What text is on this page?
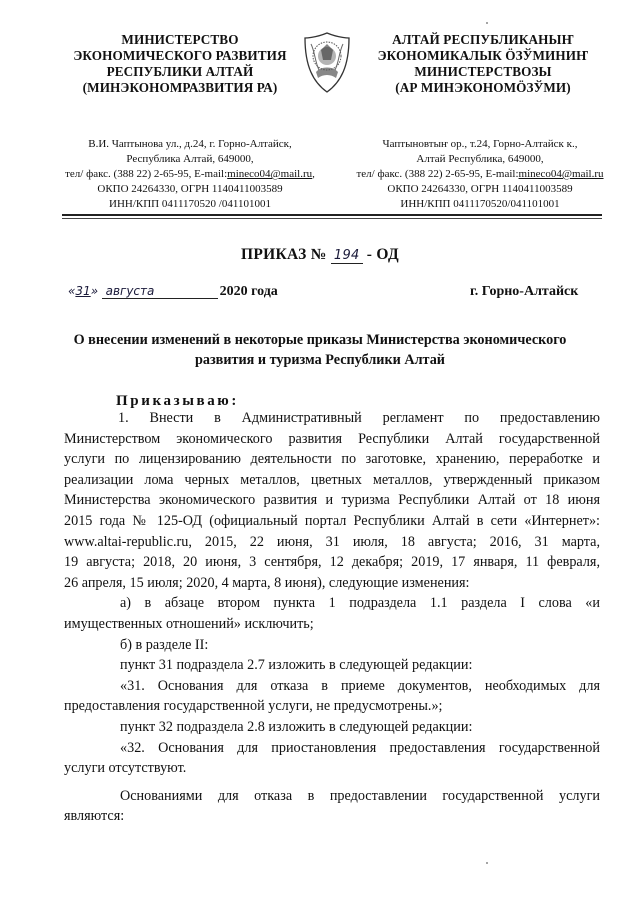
МИНИСТЕРСТВО
ЭКОНОМИЧЕСКОГО РАЗВИТИЯ
РЕСПУБЛИКИ АЛТАЙ
(МИНЭКОНОМРАЗВИТИЯ РА)
АЛТАЙ РЕСПУБЛИКАНЫҤ
ЭКОНОМИКАЛЫК ÖЗЎМИНИҤ
МИНИСТЕРСТВОЗЫ
(АР МИНЭКОНОМÖЗЎМИ)
В.И. Чаптынова ул., д.24, г. Горно-Алтайск,
Республика Алтай, 649000,
тел/ факс. (388 22) 2-65-95, E-mail:mineco04@mail.ru,
ОКПО 24264330, ОГРН 1140411003589
ИНН/КПП 0411170520 /041101001
Чаптыновтыҥ ор., т.24, Горно-Алтайск к.,
Алтай Республика, 649000,
тел/ факс. (388 22) 2-65-95, E-mail:mineco04@mail.ru
ОКПО 24264330, ОГРН 1140411003589
ИНН/КПП 0411170520/041101001
ПРИКАЗ № 194 - ОД
«31» августа	2020 года	г. Горно-Алтайск
О внесении изменений в некоторые приказы Министерства экономического
развития и туризма Республики Алтай
Приказываю:
1. Внести в Административный регламент по предоставлению
Министерством экономического развития Республики Алтай государственной
услуги по лицензированию деятельности по заготовке, хранению, переработке и
реализации лома черных металлов, цветных металлов, утвержденный приказом
Министерства экономического развития и туризма Республики Алтай от 18 июня
2015 года № 125-ОД (официальный портал Республики Алтай в сети «Интернет»:
www.altai-republic.ru, 2015, 22 июня, 31 июля, 18 августа; 2016, 31 марта,
19 августа; 2018, 20 июня, 3 сентября, 12 декабря; 2019, 17 января, 11 февраля,
26 апреля, 15 июля; 2020, 4 марта, 8 июня), следующие изменения:
а) в абзаце втором пункта 1 подраздела 1.1 раздела I слова «и
имущественных отношений» исключить;
б) в разделе II:
пункт 31 подраздела 2.7 изложить в следующей редакции:
«31. Основания для отказа в приеме документов, необходимых для
предоставления государственной услуги, не предусмотрены.»;
пункт 32 подраздела 2.8 изложить в следующей редакции:
«32. Основания для приостановления предоставления государственной
услуги отсутствуют.
Основаниями для отказа в предоставлении государственной услуги
являются:
